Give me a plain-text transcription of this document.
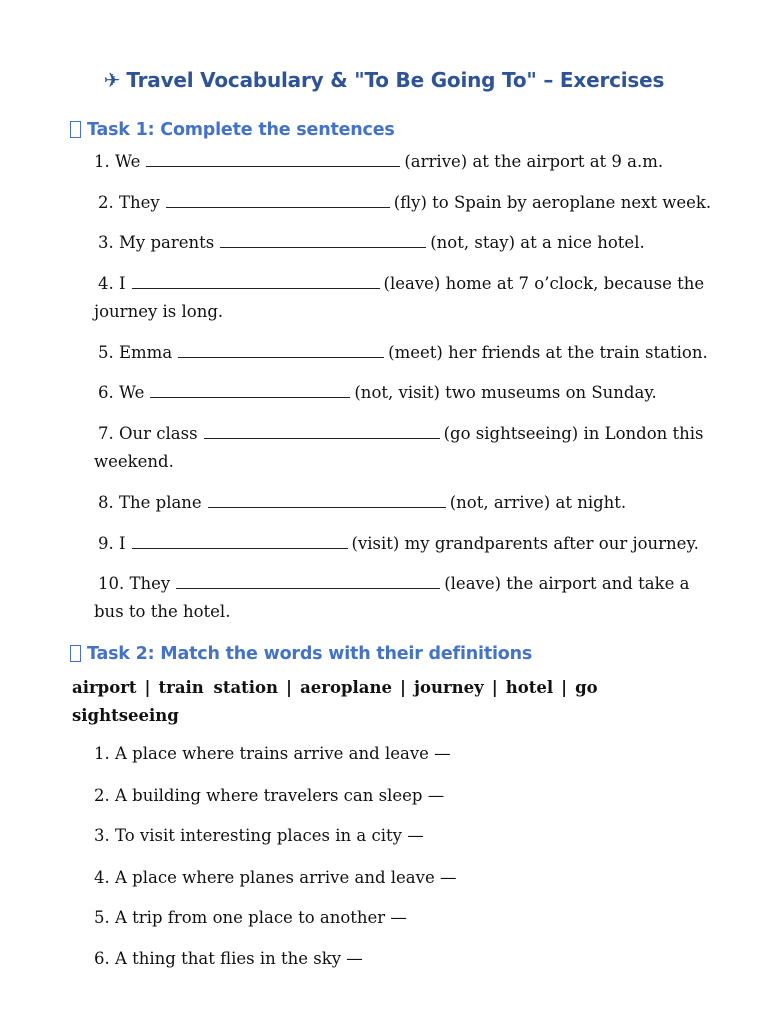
✈ Travel Vocabulary & "To Be Going To" – Exercises
Task 1: Complete the sentences
1. We	(arrive) at the airport at 9 a.m.
2. They	(fly) to Spain by aeroplane next week.
3. My parents	(not, stay) at a nice hotel.
4. I	(leave) home at 7 o’clock, because the
journey is long.
5. Emma	(meet) her friends at the train station.
6. We	(not, visit) two museums on Sunday.
7. Our class	(go sightseeing) in London this
weekend.
8. The plane	(not, arrive) at night.
9. I	(visit) my grandparents after our journey.
10. They	(leave) the airport and take a
bus to the hotel.
Task 2: Match the words with their definitions
airport | train station | aeroplane | journey | hotel | go sightseeing
1. A place where trains arrive and leave —
2. A building where travelers can sleep —
3. To visit interesting places in a city —
4. A place where planes arrive and leave —
5. A trip from one place to another —
6. A thing that flies in the sky —
